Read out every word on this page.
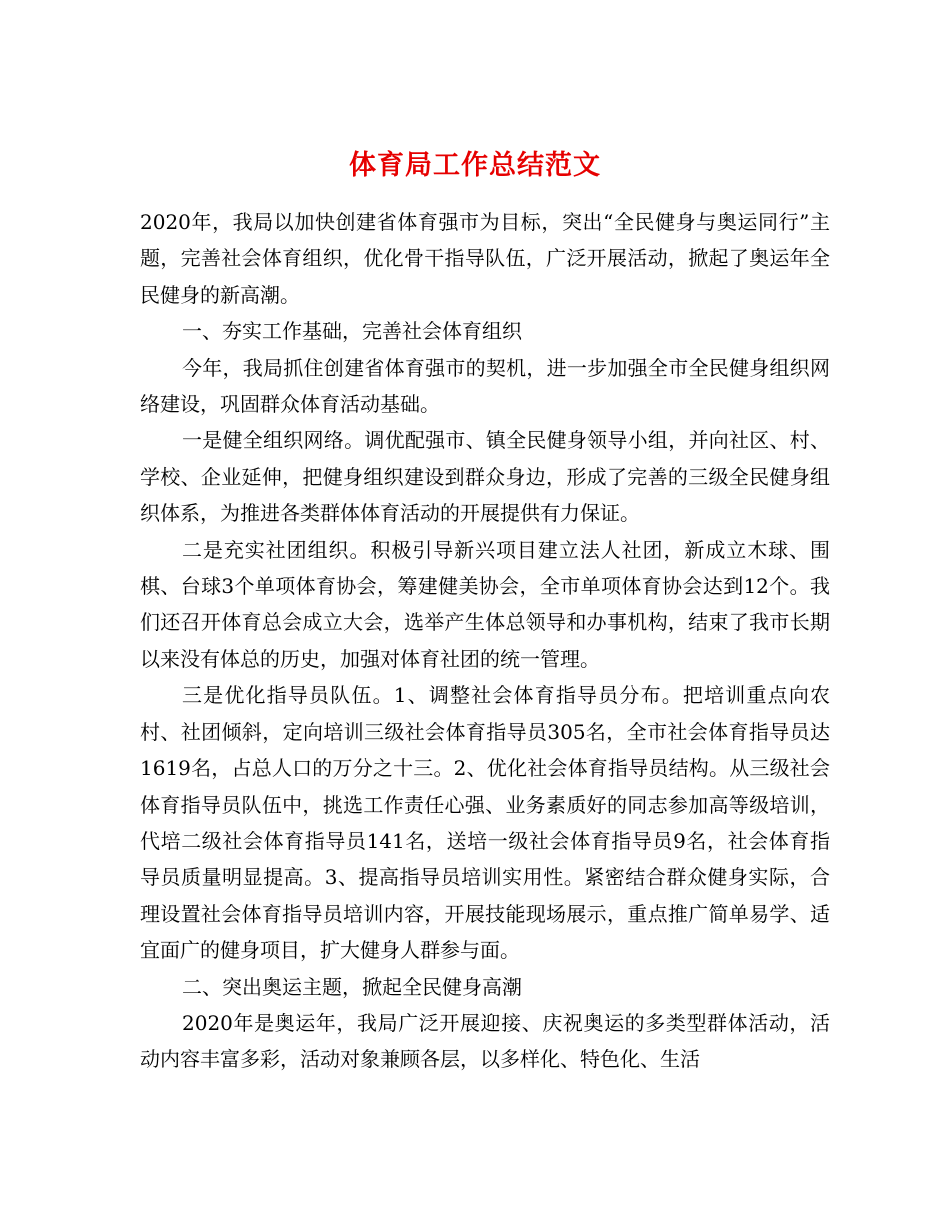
体育局工作总结范文

2020年，我局以加快创建省体育强市为目标，突出“全民健身与奥运同行”主题，完善社会体育组织，优化骨干指导队伍，广泛开展活动，掀起了奥运年全民健身的新高潮。

一、夯实工作基础，完善社会体育组织

今年，我局抓住创建省体育强市的契机，进一步加强全市全民健身组织网络建设，巩固群众体育活动基础。

一是健全组织网络。调优配强市、镇全民健身领导小组，并向社区、村、学校、企业延伸，把健身组织建设到群众身边，形成了完善的三级全民健身组织体系，为推进各类群体体育活动的开展提供有力保证。

二是充实社团组织。积极引导新兴项目建立法人社团，新成立木球、围棋、台球3个单项体育协会，筹建健美协会，全市单项体育协会达到12个。我们还召开体育总会成立大会，选举产生体总领导和办事机构，结束了我市长期以来没有体总的历史，加强对体育社团的统一管理。

三是优化指导员队伍。1、调整社会体育指导员分布。把培训重点向农村、社团倾斜，定向培训三级社会体育指导员305名，全市社会体育指导员达1619名，占总人口的万分之十三。2、优化社会体育指导员结构。从三级社会体育指导员队伍中，挑选工作责任心强、业务素质好的同志参加高等级培训，代培二级社会体育指导员141名，送培一级社会体育指导员9名，社会体育指导员质量明显提高。3、提高指导员培训实用性。紧密结合群众健身实际，合理设置社会体育指导员培训内容，开展技能现场展示，重点推广简单易学、适宜面广的健身项目，扩大健身人群参与面。

二、突出奥运主题，掀起全民健身高潮

2020年是奥运年，我局广泛开展迎接、庆祝奥运的多类型群体活动，活动内容丰富多彩，活动对象兼顾各层，以多样化、特色化、生活
